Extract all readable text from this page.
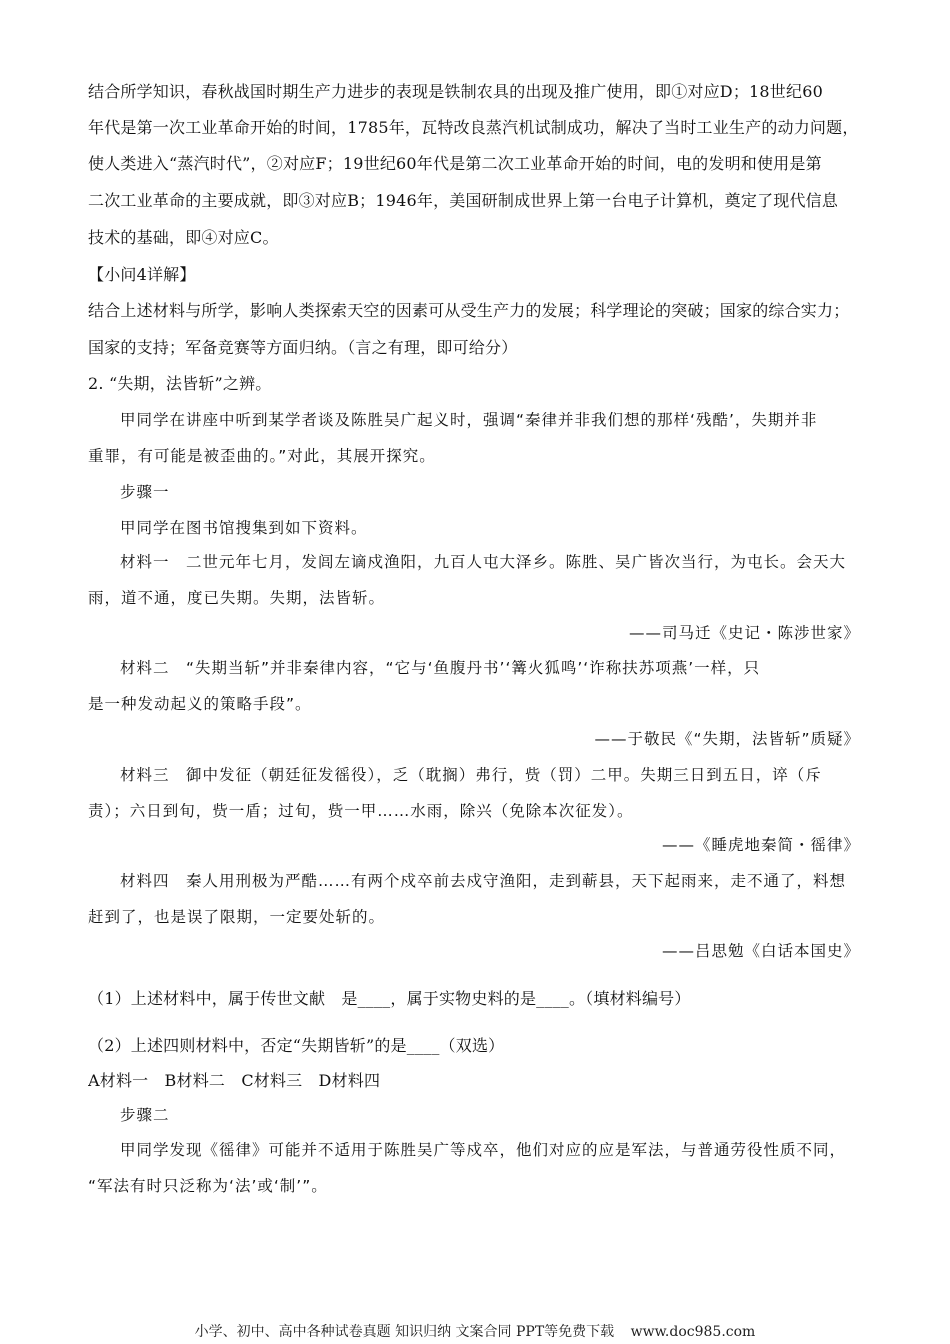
结合所学知识，春秋战国时期生产力进步的表现是铁制农具的出现及推广使用，即①对应D；18世纪60
年代是第一次工业革命开始的时间，1785年，瓦特改良蒸汽机试制成功，解决了当时工业生产的动力问题，
使人类进入“蒸汽时代”，②对应F；19世纪60年代是第二次工业革命开始的时间，电的发明和使用是第
二次工业革命的主要成就，即③对应B；1946年，美国研制成世界上第一台电子计算机，奠定了现代信息
技术的基础，即④对应C。
【小问4详解】
结合上述材料与所学，影响人类探索天空的因素可从受生产力的发展；科学理论的突破；国家的综合实力；
国家的支持；军备竞赛等方面归纳。（言之有理，即可给分）
2. “失期，法皆斩”之辨。
甲同学在讲座中听到某学者谈及陈胜吴广起义时，强调“秦律并非我们想的那样‘残酷’，失期并非
重罪，有可能是被歪曲的。”对此，其展开探究。
步骤一
甲同学在图书馆搜集到如下资料。
材料一　二世元年七月，发闾左谪戍渔阳，九百人屯大泽乡。陈胜、吴广皆次当行，为屯长。会天大
雨，道不通，度已失期。失期，法皆斩。
——司马迁《史记・陈涉世家》
材料二　“失期当斩”并非秦律内容，“它与‘鱼腹丹书’‘篝火狐鸣’‘诈称扶苏项燕’一样，只
是一种发动起义的策略手段”。
——于敬民《“失期，法皆斩”质疑》
材料三　御中发征（朝廷征发徭役），乏（耽搁）弗行，赀（罚）二甲。失期三日到五日，谇（斥
责）；六日到旬，赀一盾；过旬，赀一甲……水雨，除兴（免除本次征发）。
——《睡虎地秦简・徭律》
材料四　秦人用刑极为严酷……有两个戍卒前去戍守渔阳，走到蕲县，天下起雨来，走不通了，料想
赶到了，也是误了限期，一定要处斩的。
——吕思勉《白话本国史》
（1）上述材料中，属于传世文献　是____，属于实物史料的是____。（填材料编号）
（2）上述四则材料中，否定“失期皆斩”的是____（双选）
A材料一　B材料二　C材料三　D材料四
步骤二
甲同学发现《徭律》可能并不适用于陈胜吴广等戍卒，他们对应的应是军法，与普通劳役性质不同，
“军法有时只泛称为‘法’或‘制’”。
小学、初中、高中各种试卷真题 知识归纳 文案合同 PPT等免费下载 www.doc985.com
